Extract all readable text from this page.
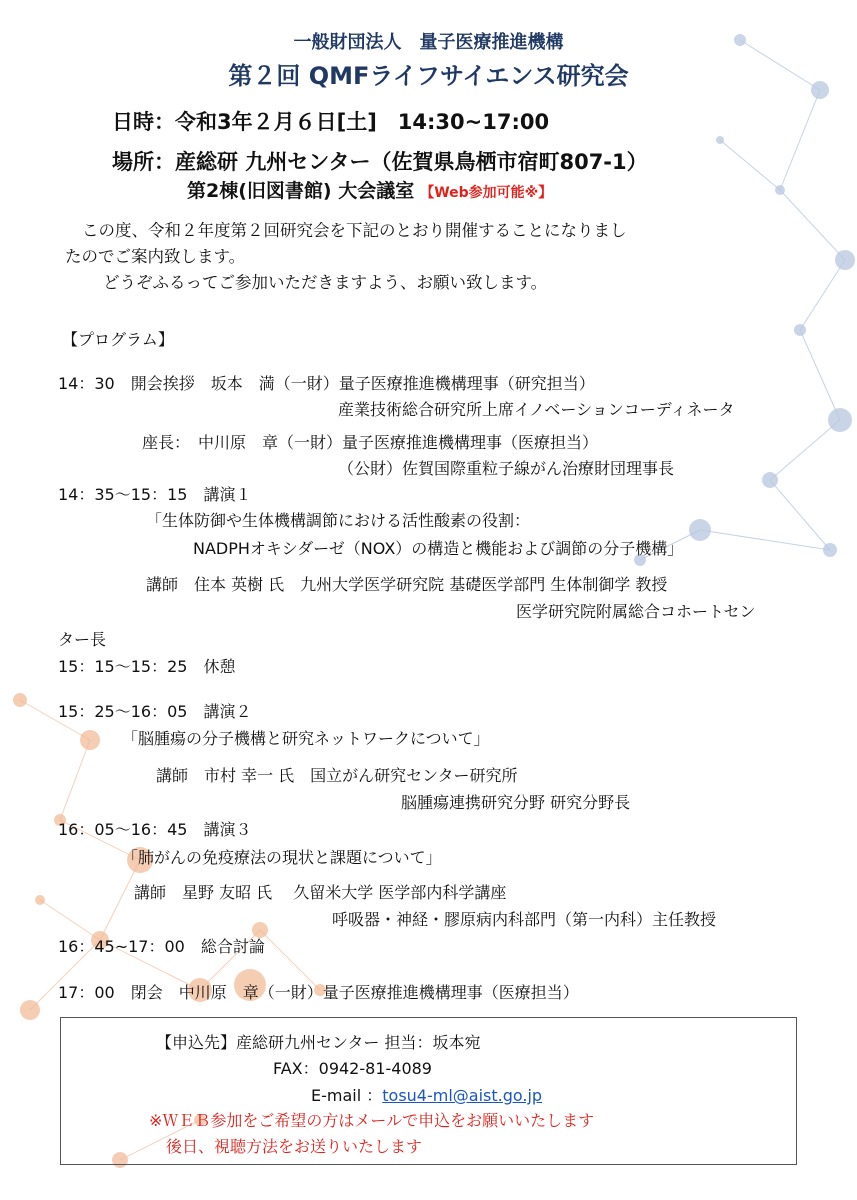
一般財団法人　量子医療推進機構
第２回 QMFライフサイエンス研究会
日時：令和3年２月６日[土]　14:30~17:00
場所：産総研 九州センター（佐賀県鳥栖市宿町807-1）
第2棟(旧図書館) 大会議室 【Web参加可能※】
この度、令和２年度第２回研究会を下記のとおり開催することになりまし
たのでご案内致します。
どうぞふるってご参加いただきますよう、お願い致します。
【プログラム】
14：30　開会挨拶　坂本　満（一財）量子医療推進機構理事（研究担当）
産業技術総合研究所上席イノベーションコーディネータ
座長：　中川原　章（一財）量子医療推進機構理事（医療担当）
（公財）佐賀国際重粒子線がん治療財団理事長
14：35〜15：15　講演１
「生体防御や生体機構調節における活性酸素の役割：
NADPHオキシダーゼ（NOX）の構造と機能および調節の分子機構」
講師　住本 英樹 氏　九州大学医学研究院 基礎医学部門 生体制御学 教授
医学研究院附属総合コホートセン
ター長
15：15〜15：25　休憩
15：25〜16：05　講演２
「脳腫瘍の分子機構と研究ネットワークについて」
講師　市村 幸一 氏　国立がん研究センター研究所
脳腫瘍連携研究分野 研究分野長
16：05〜16：45　講演３
「肺がんの免疫療法の現状と課題について」
講師　星野 友昭 氏　 久留米大学 医学部内科学講座
呼吸器・神経・膠原病内科部門（第一内科）主任教授
16：45~17：00　総合討論
17：00　閉会　中川原　章（一財）量子医療推進機構理事（医療担当）
【申込先】産総研九州センター 担当：坂本宛
FAX：0942-81-4089
E-mail ：tosu4-ml@aist.go.jp
※ＷＥＢ参加をご希望の方はメールで申込をお願いいたします
後日、視聴方法をお送りいたします
